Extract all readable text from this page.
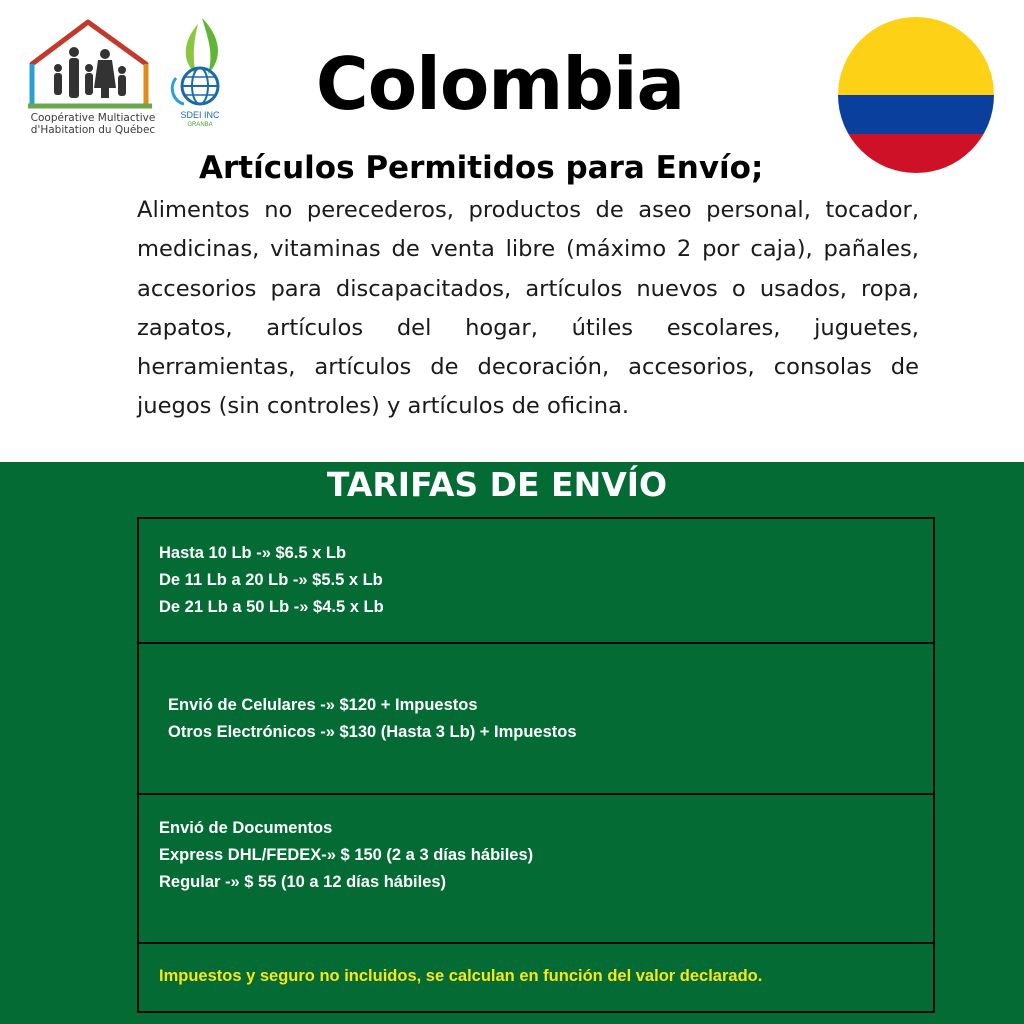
Coopérative Multiactive
d'Habitation du Québec
SDEI INC
GRANBA	Colombia
Artículos Permitidos para Envío;
Alimentos no perecederos, productos de aseo personal, tocador, medicinas, vitaminas de venta libre (máximo 2 por caja), pañales, accesorios para discapacitados, artículos nuevos o usados, ropa, zapatos, artículos del hogar, útiles escolares, juguetes, herramientas, artículos de decoración, accesorios, consolas de juegos (sin controles) y artículos de oficina.
TARIFAS DE ENVÍO
Hasta 10 Lb -» $6.5 x Lb
De 11 Lb a 20 Lb -» $5.5 x Lb
De 21 Lb a 50 Lb -» $4.5 x Lb
Envió de Celulares -» $120 + Impuestos
Otros Electrónicos -» $130 (Hasta 3 Lb) + Impuestos
Envió de Documentos
Express DHL/FEDEX-» $ 150 (2 a 3 días hábiles)
Regular -» $ 55 (10 a 12 días hábiles)
Impuestos y seguro no incluidos, se calculan en función del valor declarado.
